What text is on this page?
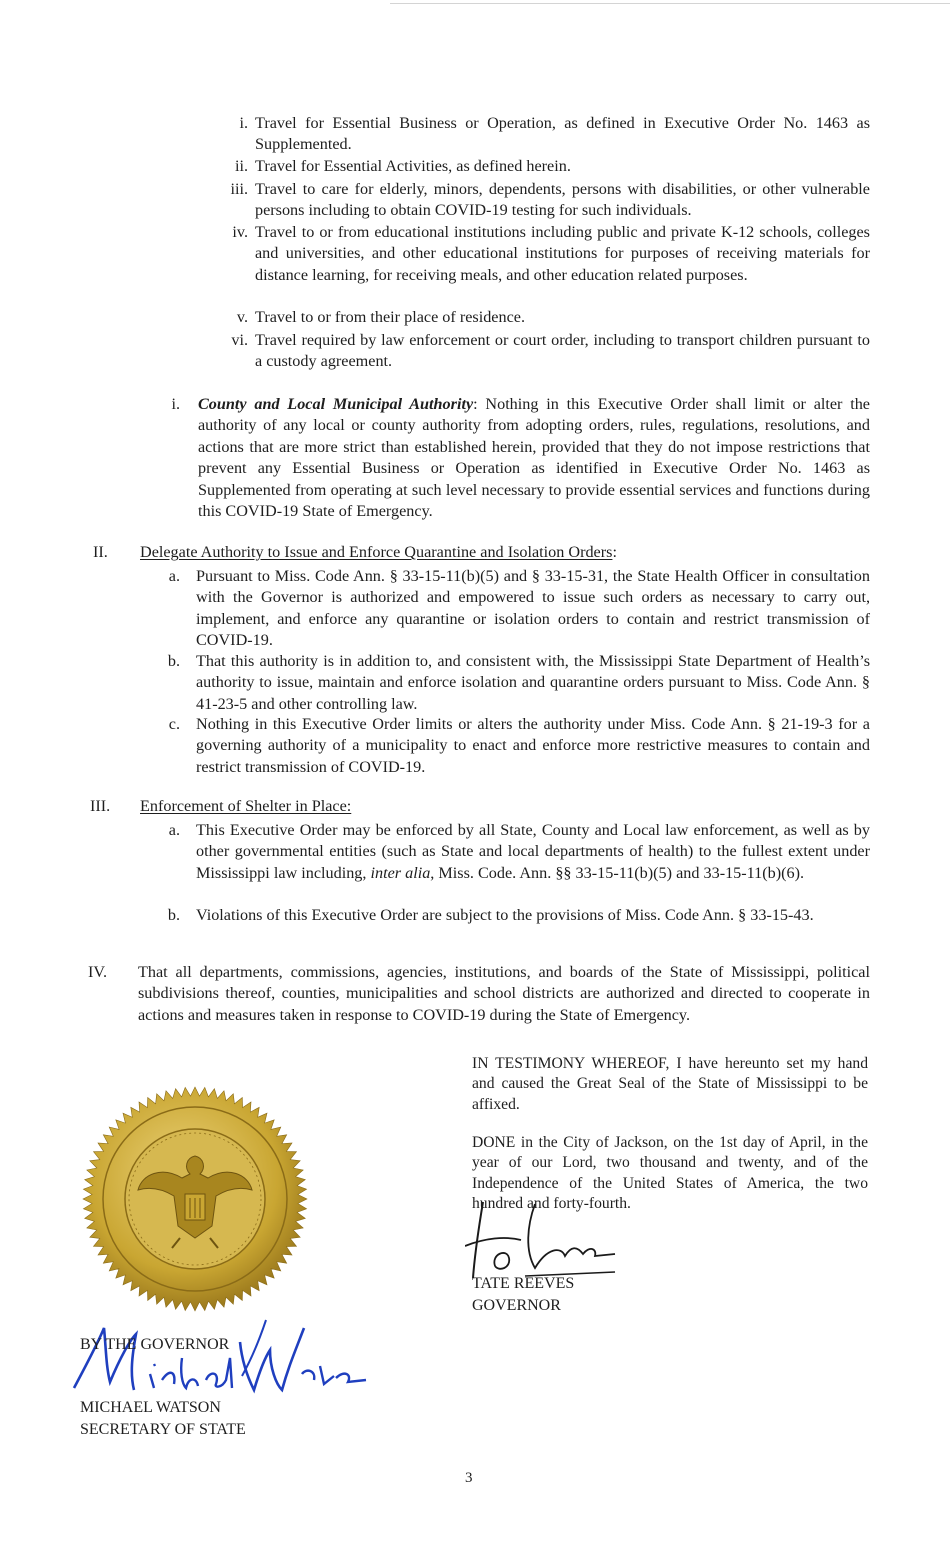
i. Travel for Essential Business or Operation, as defined in Executive Order No. 1463 as Supplemented.
ii. Travel for Essential Activities, as defined herein.
iii. Travel to care for elderly, minors, dependents, persons with disabilities, or other vulnerable persons including to obtain COVID-19 testing for such individuals.
iv. Travel to or from educational institutions including public and private K-12 schools, colleges and universities, and other educational institutions for purposes of receiving materials for distance learning, for receiving meals, and other education related purposes.
v. Travel to or from their place of residence.
vi. Travel required by law enforcement or court order, including to transport children pursuant to a custody agreement.
i. County and Local Municipal Authority: Nothing in this Executive Order shall limit or alter the authority of any local or county authority from adopting orders, rules, regulations, resolutions, and actions that are more strict than established herein, provided that they do not impose restrictions that prevent any Essential Business or Operation as identified in Executive Order No. 1463 as Supplemented from operating at such level necessary to provide essential services and functions during this COVID-19 State of Emergency.
II. Delegate Authority to Issue and Enforce Quarantine and Isolation Orders:
a. Pursuant to Miss. Code Ann. § 33-15-11(b)(5) and § 33-15-31, the State Health Officer in consultation with the Governor is authorized and empowered to issue such orders as necessary to carry out, implement, and enforce any quarantine or isolation orders to contain and restrict transmission of COVID-19.
b. That this authority is in addition to, and consistent with, the Mississippi State Department of Health’s authority to issue, maintain and enforce isolation and quarantine orders pursuant to Miss. Code Ann. § 41-23-5 and other controlling law.
c. Nothing in this Executive Order limits or alters the authority under Miss. Code Ann. § 21-19-3 for a governing authority of a municipality to enact and enforce more restrictive measures to contain and restrict transmission of COVID-19.
III. Enforcement of Shelter in Place:
a. This Executive Order may be enforced by all State, County and Local law enforcement, as well as by other governmental entities (such as State and local departments of health) to the fullest extent under Mississippi law including, inter alia, Miss. Code. Ann. §§ 33-15-11(b)(5) and 33-15-11(b)(6).
b. Violations of this Executive Order are subject to the provisions of Miss. Code Ann. § 33-15-43.
IV. That all departments, commissions, agencies, institutions, and boards of the State of Mississippi, political subdivisions thereof, counties, municipalities and school districts are authorized and directed to cooperate in actions and measures taken in response to COVID-19 during the State of Emergency.
IN TESTIMONY WHEREOF, I have hereunto set my hand and caused the Great Seal of the State of Mississippi to be affixed.
DONE in the City of Jackson, on the 1st day of April, in the year of our Lord, two thousand and twenty, and of the Independence of the United States of America, the two hundred and forty-fourth.
TATE REEVES
GOVERNOR
BY THE GOVERNOR
MICHAEL WATSON
SECRETARY OF STATE
3
